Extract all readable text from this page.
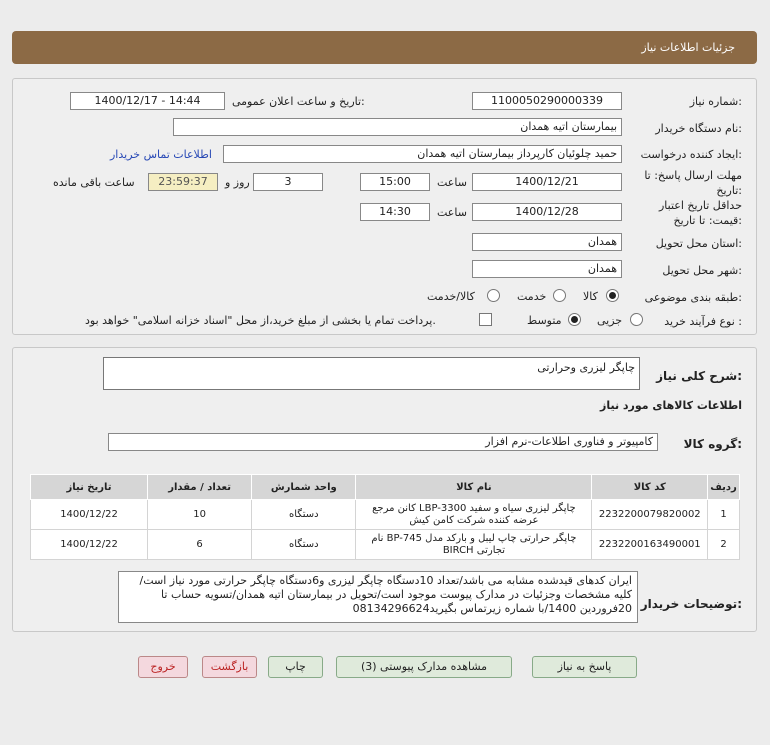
جزئیات اطلاعات نیاز
شماره نیاز:
1100050290000339
تاریخ و ساعت اعلان عمومی:
1400/12/17 - 14:44
نام دستگاه خریدار:
بیمارستان اتیه همدان
ایجاد کننده درخواست:
حمید چلوئیان کارپرداز بیمارستان اتیه همدان
اطلاعات تماس خریدار
مهلت ارسال پاسخ: تا تاریخ:
1400/12/21
ساعت
15:00
3
روز و
23:59:37
ساعت باقی مانده
حداقل تاریخ اعتبار قیمت: تا تاریخ:
1400/12/28
ساعت
14:30
استان محل تحویل:
همدان
شهر محل تحویل:
همدان
طبقه بندی موضوعی:
کالا
خدمت
کالا/خدمت
نوع فرآیند خرید :
جزیی
متوسط
پرداخت تمام یا بخشی از مبلغ خرید،از محل "اسناد خزانه اسلامی" خواهد بود.
شرح کلی نیاز:
چاپگر لیزری وحرارتی
اطلاعات کالاهای مورد نیاز
گروه کالا:
کامپیوتر و فناوری اطلاعات-نرم افزار
ردیف	کد کالا	نام کالا	واحد شمارش	تعداد / مقدار	تاریخ نیاز
1	2232200079820002	چاپگر لیزری سیاه و سفید LBP-3300 کانن مرجع عرضه کننده شرکت کامن کیش	دستگاه	10	1400/12/22
2	2232200163490001	چاپگر حرارتی چاپ لیبل و بارکد مدل BP-745 نام تجارتی BIRCH	دستگاه	6	1400/12/22
توضیحات خریدار:
ایران کدهای قیدشده مشابه می باشد/تعداد 10دستگاه چاپگر لیزری و6دستگاه چاپگر حرارتی مورد نیاز است/کلیه مشخصات وجزئیات در مدارک پیوست موجود است/تحویل در بیمارستان اتیه همدان/تسویه حساب تا 20فروردین 1400/با شماره زیرتماس بگیرید08134296624
پاسخ به نیاز
مشاهده مدارک پیوستی (3)
چاپ
بازگشت
خروج
